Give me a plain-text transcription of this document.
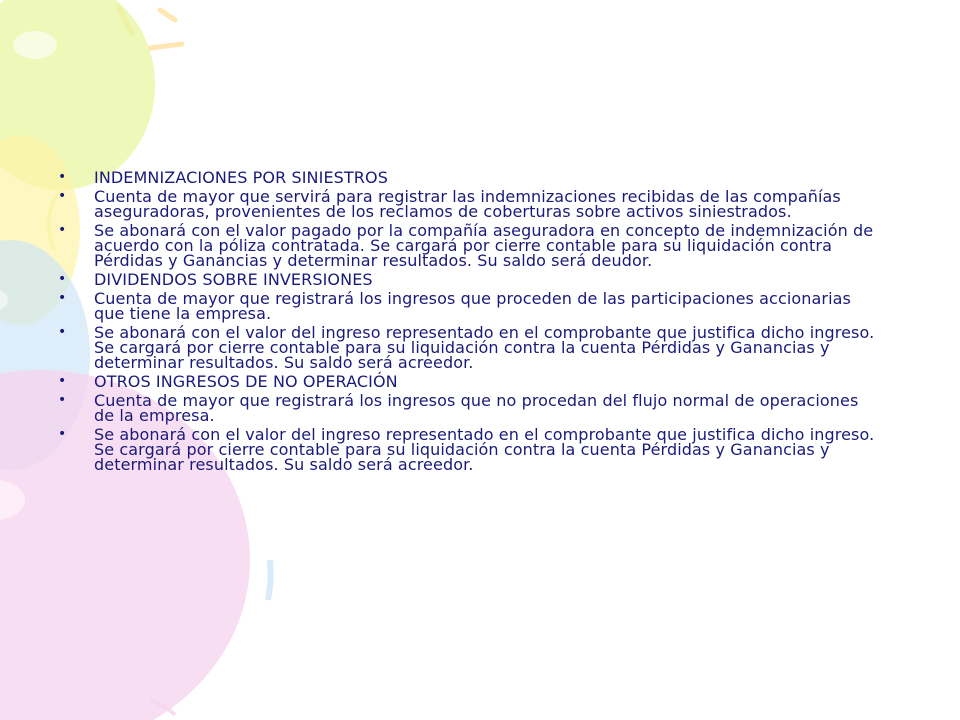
•	INDEMNIZACIONES POR SINIESTROS
•	Cuenta de mayor que servirá para registrar las indemnizaciones recibidas de las compañías aseguradoras, provenientes de los reclamos de coberturas sobre activos siniestrados.
•	Se abonará con el valor pagado por la compañía aseguradora en concepto de indemnización de acuerdo con la póliza contratada. Se cargará por cierre contable para su liquidación contra Pérdidas y Ganancias y determinar resultados. Su saldo será deudor.
•	DIVIDENDOS SOBRE INVERSIONES
•	Cuenta de mayor que registrará los ingresos que proceden de las participaciones accionarias que tiene la empresa.
•	Se abonará con el valor del ingreso representado en el comprobante que justifica dicho ingreso. Se cargará por cierre contable para su liquidación contra la cuenta Pérdidas y Ganancias y determinar resultados. Su saldo será acreedor.
•	OTROS INGRESOS DE NO OPERACIÓN
•	Cuenta de mayor que registrará los ingresos que no procedan del flujo normal de operaciones de la empresa.
•	Se abonará con el valor del ingreso representado en el comprobante que justifica dicho ingreso. Se cargará por cierre contable para su liquidación contra la cuenta Pérdidas y Ganancias y determinar resultados. Su saldo será acreedor.
